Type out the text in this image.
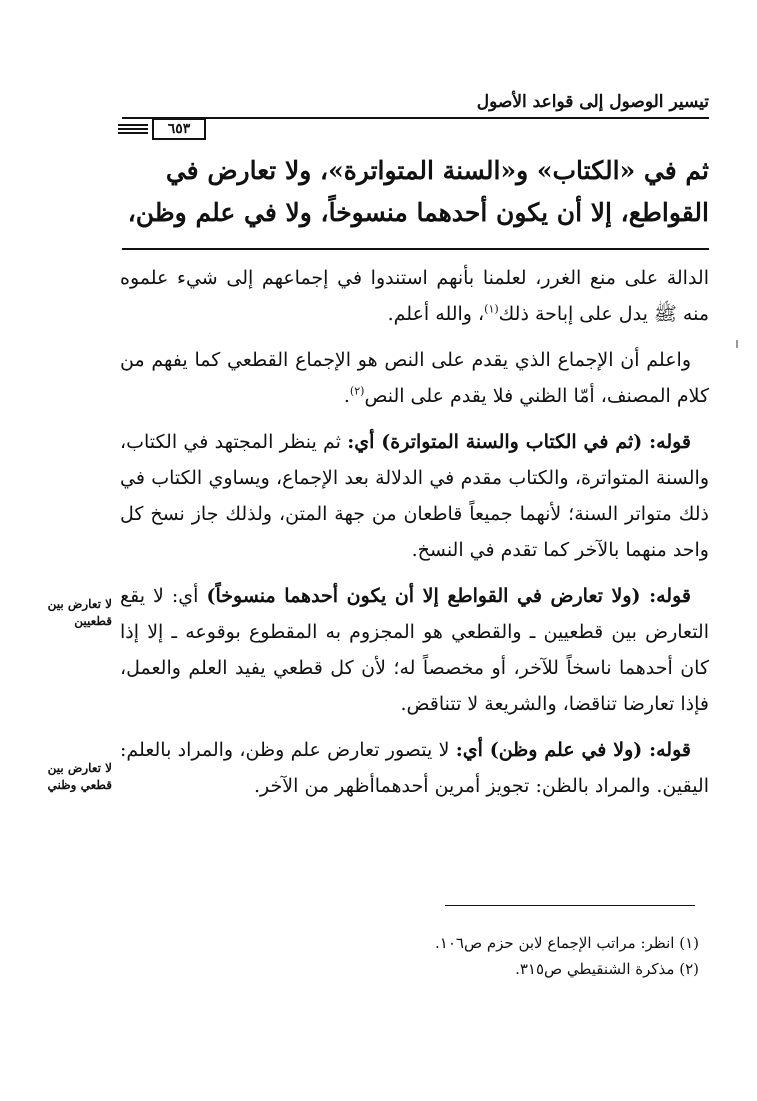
تيسير الوصول إلى قواعد الأصول
٦٥٣

ثم في «الكتاب» و«السنة المتواترة»، ولا تعارض في

القواطع، إلا أن يكون أحدهما منسوخاً، ولا في علم وظن،

الدالة على منع الغرر، لعلمنا بأنهم استندوا في إجماعهم إلى شيء علموه منه ﷺ يدل على إباحة ذلك$^{(١)}$، والله أعلم.

واعلم أن الإجماع الذي يقدم على النص هو الإجماع القطعي كما يفهم من كلام المصنف، أمّا الظني فلا يقدم على النص$^{(٢)}$.

قوله: (ثم في الكتاب والسنة المتواترة) أي: ثم ينظر المجتهد في الكتاب، والسنة المتواترة، والكتاب مقدم في الدلالة بعد الإجماع، ويساوي الكتاب في ذلك متواتر السنة؛ لأنهما جميعاً قاطعان من جهة المتن، ولذلك جاز نسخ كل واحد منهما بالآخر كما تقدم في النسخ.

قوله: (ولا تعارض في القواطع إلا أن يكون أحدهما منسوخاً) أي: لا يقع التعارض بين قطعيين ـ والقطعي هو المجزوم به المقطوع بوقوعه ـ إلا إذا كان أحدهما ناسخاً للآخر، أو مخصصاً له؛ لأن كل قطعي يفيد العلم والعمل، فإذا تعارضا تناقضا، والشريعة لا تتناقض.

قوله: (ولا في علم وظن) أي: لا يتصور تعارض علم وظن، والمراد بالعلم: اليقين. والمراد بالظن: تجويز أمرين أحدهماأظهر من الآخر.

لا تعارض بين قطعيين
لا تعارض بين قطعي وظني
(١) انظر: مراتب الإجماع لابن حزم ص١٠٦.
(٢) مذكرة الشنقيطي ص٣١٥.
